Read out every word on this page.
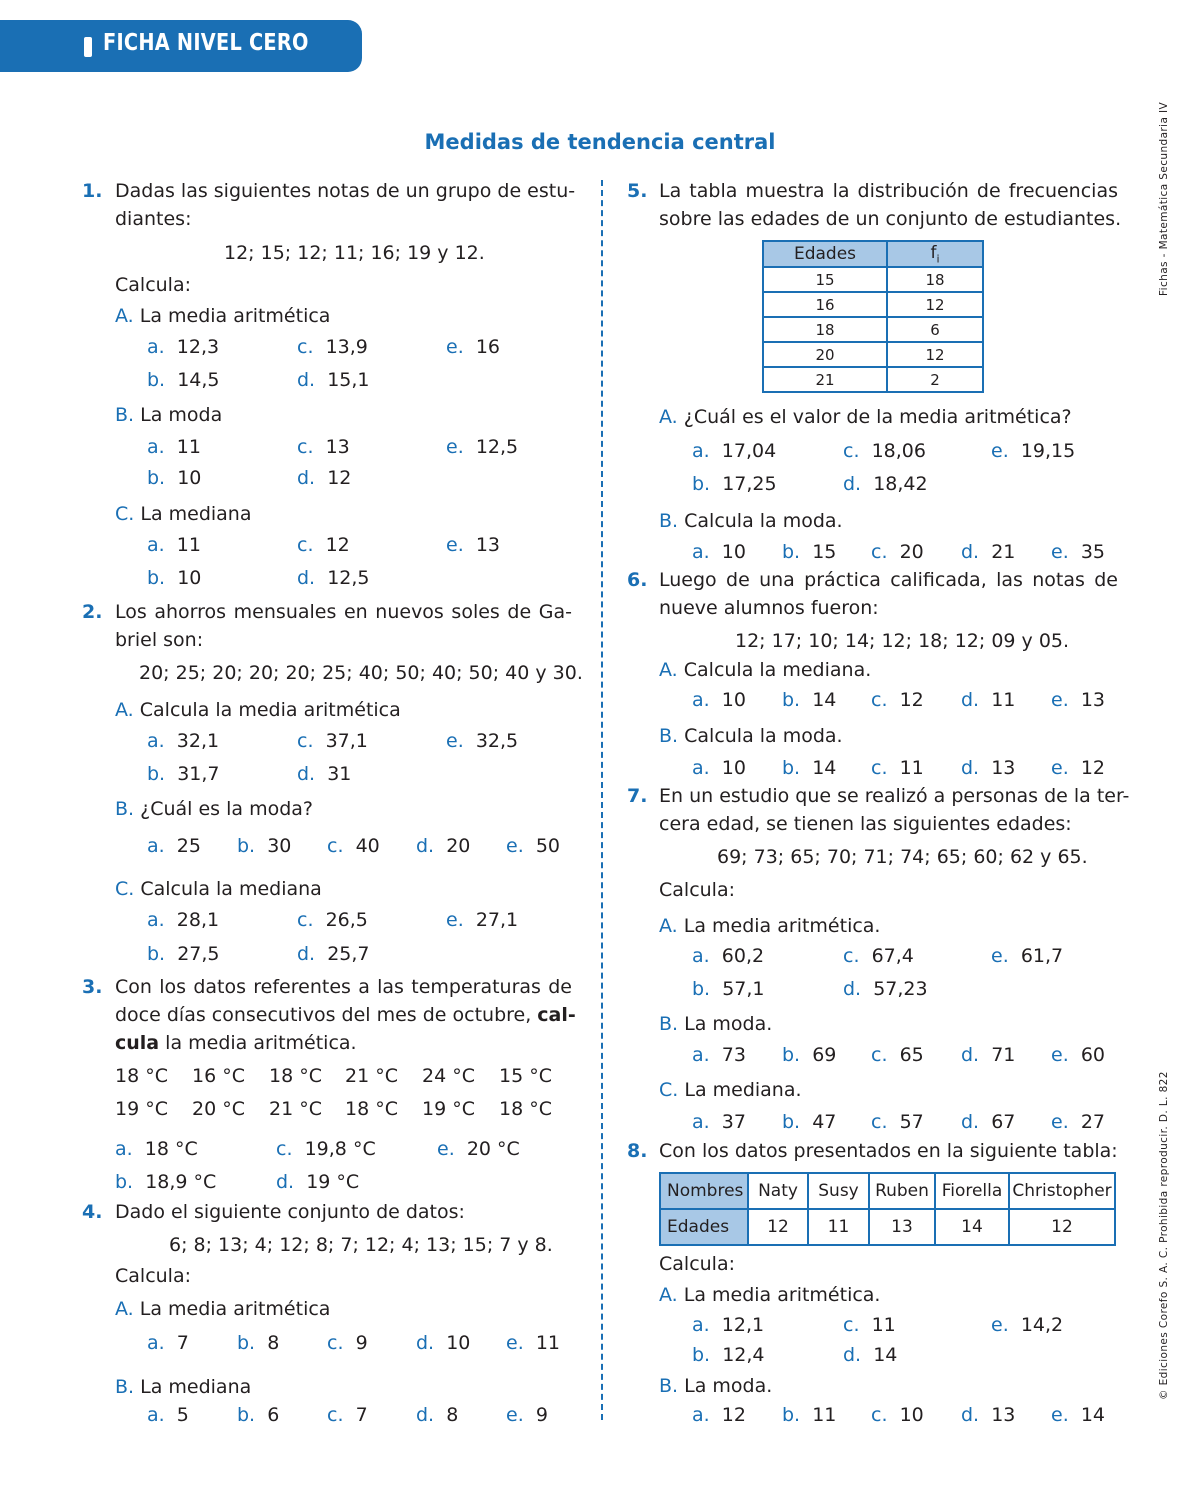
FICHA NIVEL CERO
Medidas de tendencia central	Fichas - Matemática Secundaria IV
© Ediciones Corefo S. A. C. Prohibida reproducir. D. L. 822
1. Dadas las siguientes notas de un grupo de estu-
diantes:
12; 15; 12; 11; 16; 19 y 12.
Calcula:
A. La media aritmética
a. 12,3	c. 13,9	e. 16
b. 14,5	d. 15,1
B. La moda
a. 11	c. 13	e. 12,5
b. 10	d. 12
C. La mediana
a. 11	c. 12	e. 13
b. 10	d. 12,5
2. Los ahorros mensuales en nuevos soles de Ga-
briel son:
20; 25; 20; 20; 20; 25; 40; 50; 40; 50; 40 y 30.
A. Calcula la media aritmética
a. 32,1	c. 37,1	e. 32,5
b. 31,7	d. 31
B. ¿Cuál es la moda?
a. 25 b. 30 c. 40 d. 20 e. 50
C. Calcula la mediana
a. 28,1	c. 26,5	e. 27,1
b. 27,5	d. 25,7
3. Con los datos referentes a las temperaturas de
doce días consecutivos del mes de octubre, cal-
cula la media aritmética.
18 °C 16 °C 18 °C 21 °C 24 °C 15 °C
19 °C 20 °C 21 °C 18 °C 19 °C 18 °C
a. 18 °C	c. 19,8 °C	e. 20 °C
b. 18,9 °C	d. 19 °C
4. Dado el siguiente conjunto de datos:
6; 8; 13; 4; 12; 8; 7; 12; 4; 13; 15; 7 y 8.
Calcula:
A. La media aritmética
a. 7	b. 8	c. 9	d. 10 e. 11
B. La mediana
a. 5	b. 6	c. 7	d. 8	e. 9
5. La tabla muestra la distribución de frecuencias
sobre las edades de un conjunto de estudiantes.
Edades	$f_i$
15	18
16	12
18	6
20	12
21	2
A. ¿Cuál es el valor de la media aritmética?
a. 17,04	c. 18,06	e. 19,15
b. 17,25	d. 18,42
B. Calcula la moda.
a. 10 b. 15 c. 20 d. 21 e. 35
6. Luego de una práctica calificada, las notas de
nueve alumnos fueron:
12; 17; 10; 14; 12; 18; 12; 09 y 05.
A. Calcula la mediana.
a. 10 b. 14 c. 12 d. 11 e. 13
B. Calcula la moda.
a. 10 b. 14 c. 11 d. 13 e. 12
7. En un estudio que se realizó a personas de la ter-
cera edad, se tienen las siguientes edades:
69; 73; 65; 70; 71; 74; 65; 60; 62 y 65.
Calcula:
A. La media aritmética.
a. 60,2	c. 67,4	e. 61,7
b. 57,1	d. 57,23
B. La moda.
a. 73 b. 69 c. 65 d. 71 e. 60
C. La mediana.
a. 37 b. 47 c. 57 d. 67 e. 27
8. Con los datos presentados en la siguiente tabla:
Nombres	Naty	Susy	Ruben	Fiorella	Christopher
Edades	12	11	13	14	12
Calcula:
A. La media aritmética.
a. 12,1	c. 11	e. 14,2
b. 12,4	d. 14
B. La moda.
a. 12 b. 11 c. 10 d. 13 e. 14
